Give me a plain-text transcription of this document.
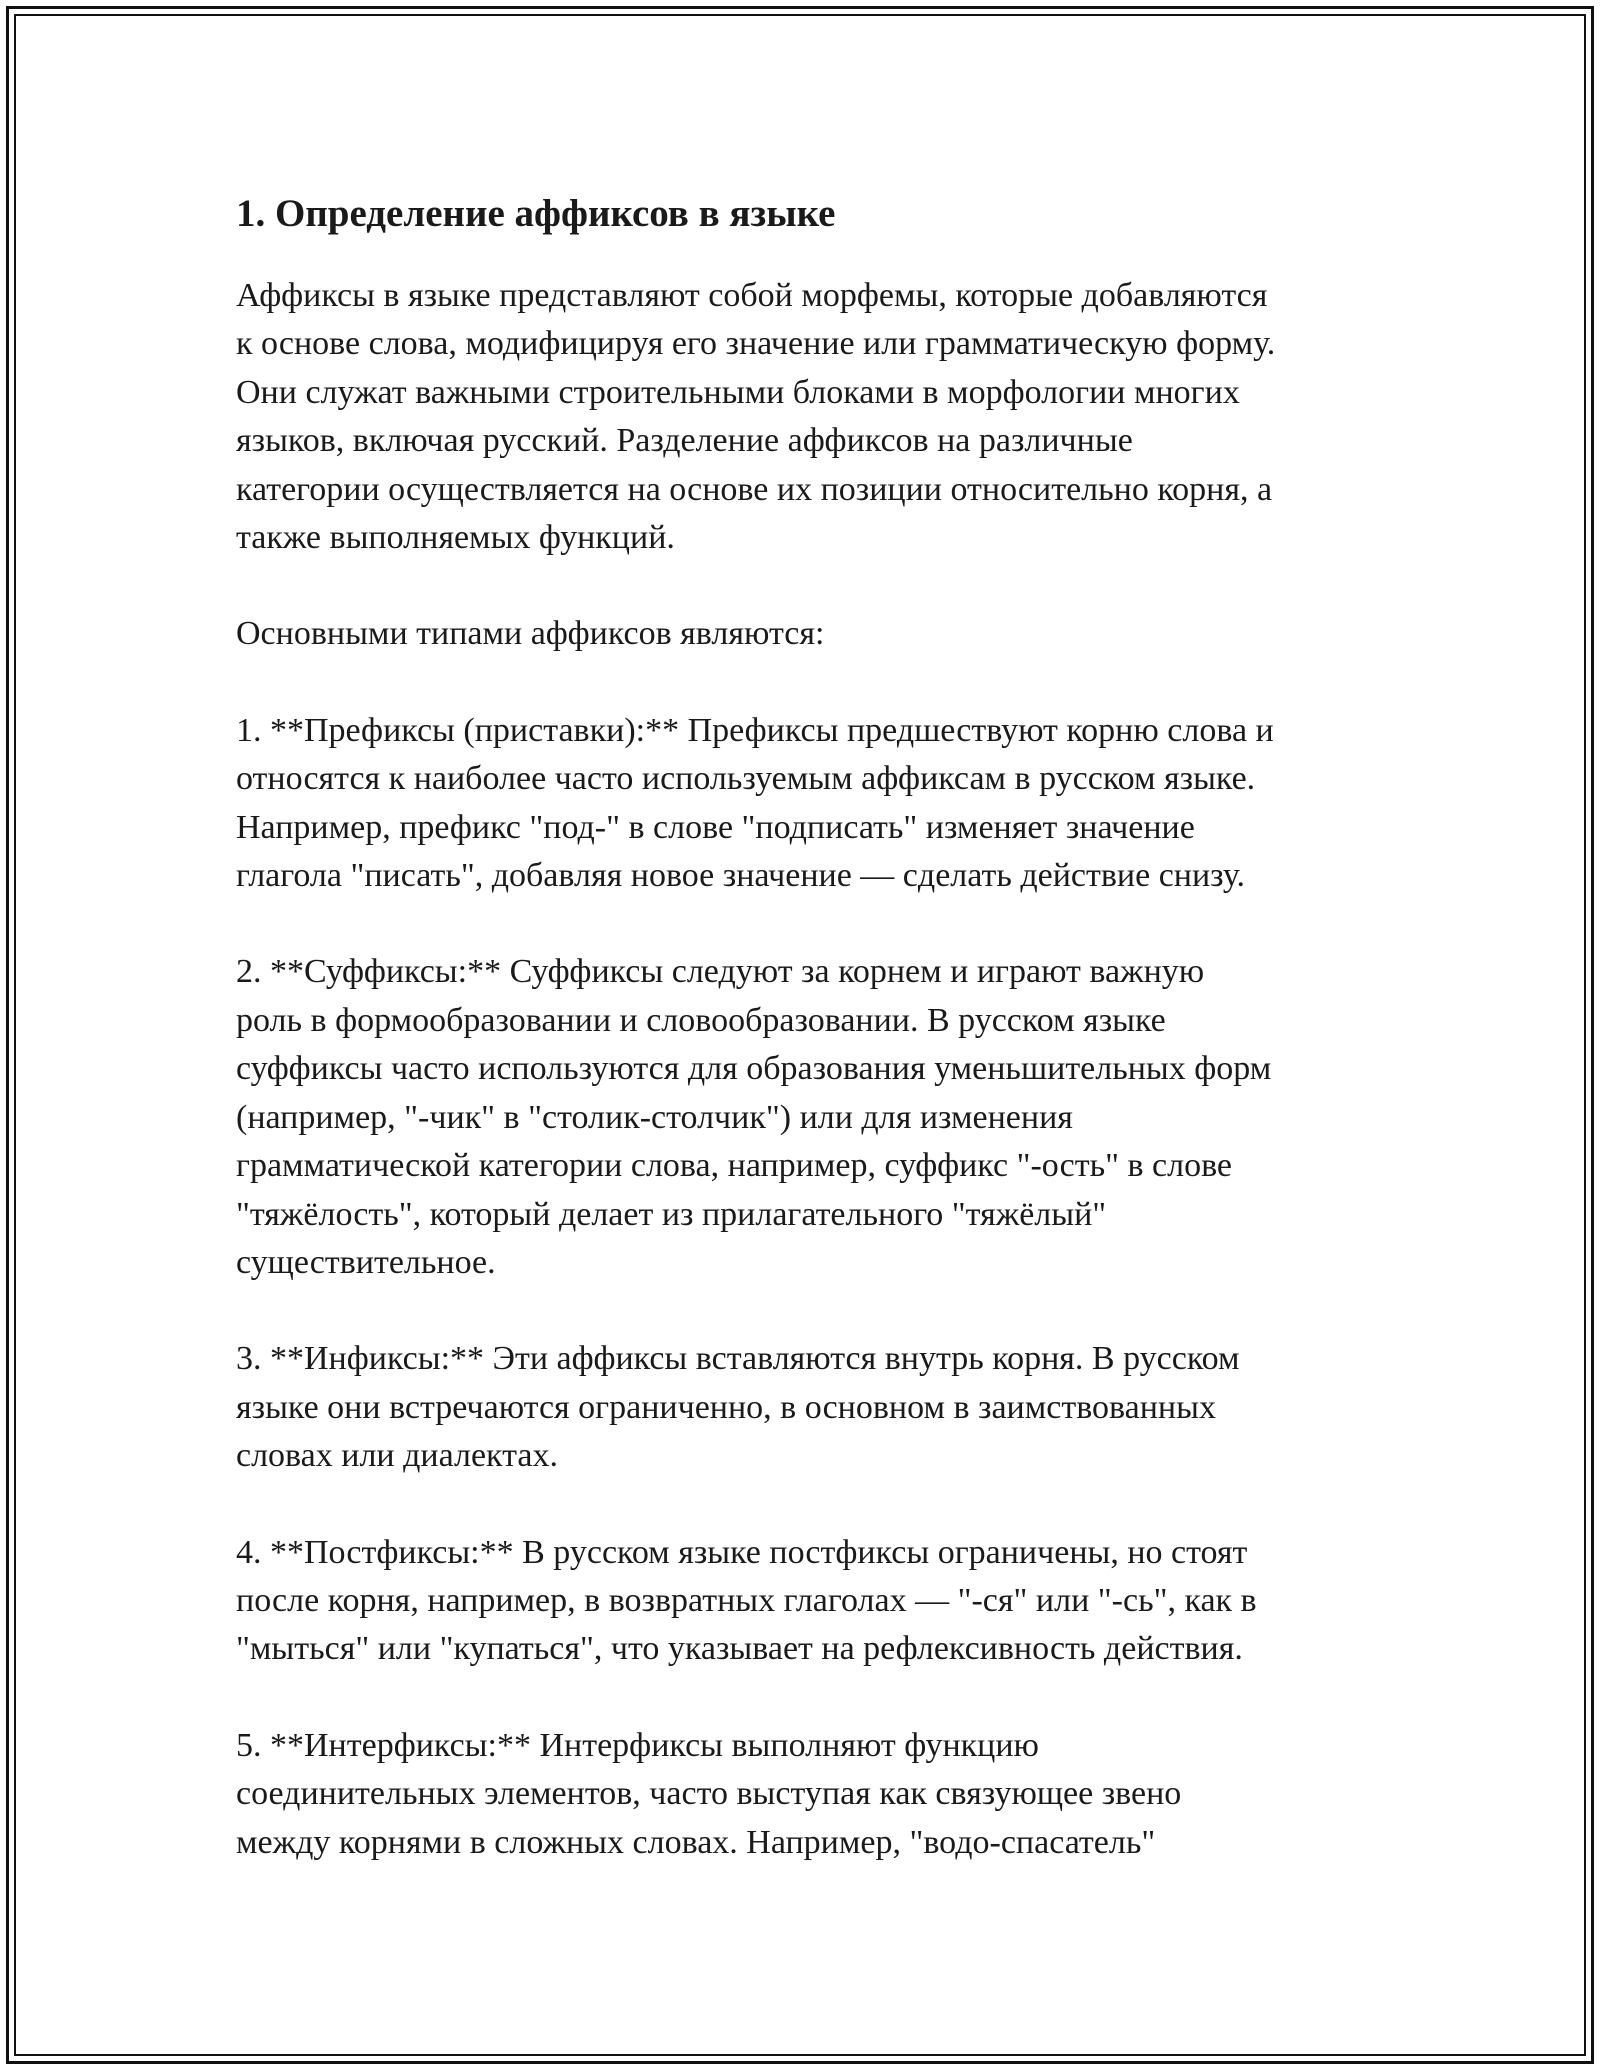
1. Определение аффиксов в языке

Аффиксы в языке представляют собой морфемы, которые добавляются
к основе слова, модифицируя его значение или грамматическую форму.
Они служат важными строительными блоками в морфологии многих
языков, включая русский. Разделение аффиксов на различные
категории осуществляется на основе их позиции относительно корня, а
также выполняемых функций.

Основными типами аффиксов являются:

1. **Префиксы (приставки):** Префиксы предшествуют корню слова и
относятся к наиболее часто используемым аффиксам в русском языке.
Например, префикс "под-" в слове "подписать" изменяет значение
глагола "писать", добавляя новое значение — сделать действие снизу.

2. **Суффиксы:** Суффиксы следуют за корнем и играют важную
роль в формообразовании и словообразовании. В русском языке
суффиксы часто используются для образования уменьшительных форм
(например, "-чик" в "столик-столчик") или для изменения
грамматической категории слова, например, суффикс "-ость" в слове
"тяжёлость", который делает из прилагательного "тяжёлый"
существительное.

3. **Инфиксы:** Эти аффиксы вставляются внутрь корня. В русском
языке они встречаются ограниченно, в основном в заимствованных
словах или диалектах.

4. **Постфиксы:** В русском языке постфиксы ограничены, но стоят
после корня, например, в возвратных глаголах — "-ся" или "-сь", как в
"мыться" или "купаться", что указывает на рефлексивность действия.

5. **Интерфиксы:** Интерфиксы выполняют функцию
соединительных элементов, часто выступая как связующее звено
между корнями в сложных словах. Например, "водо-спасатель"
